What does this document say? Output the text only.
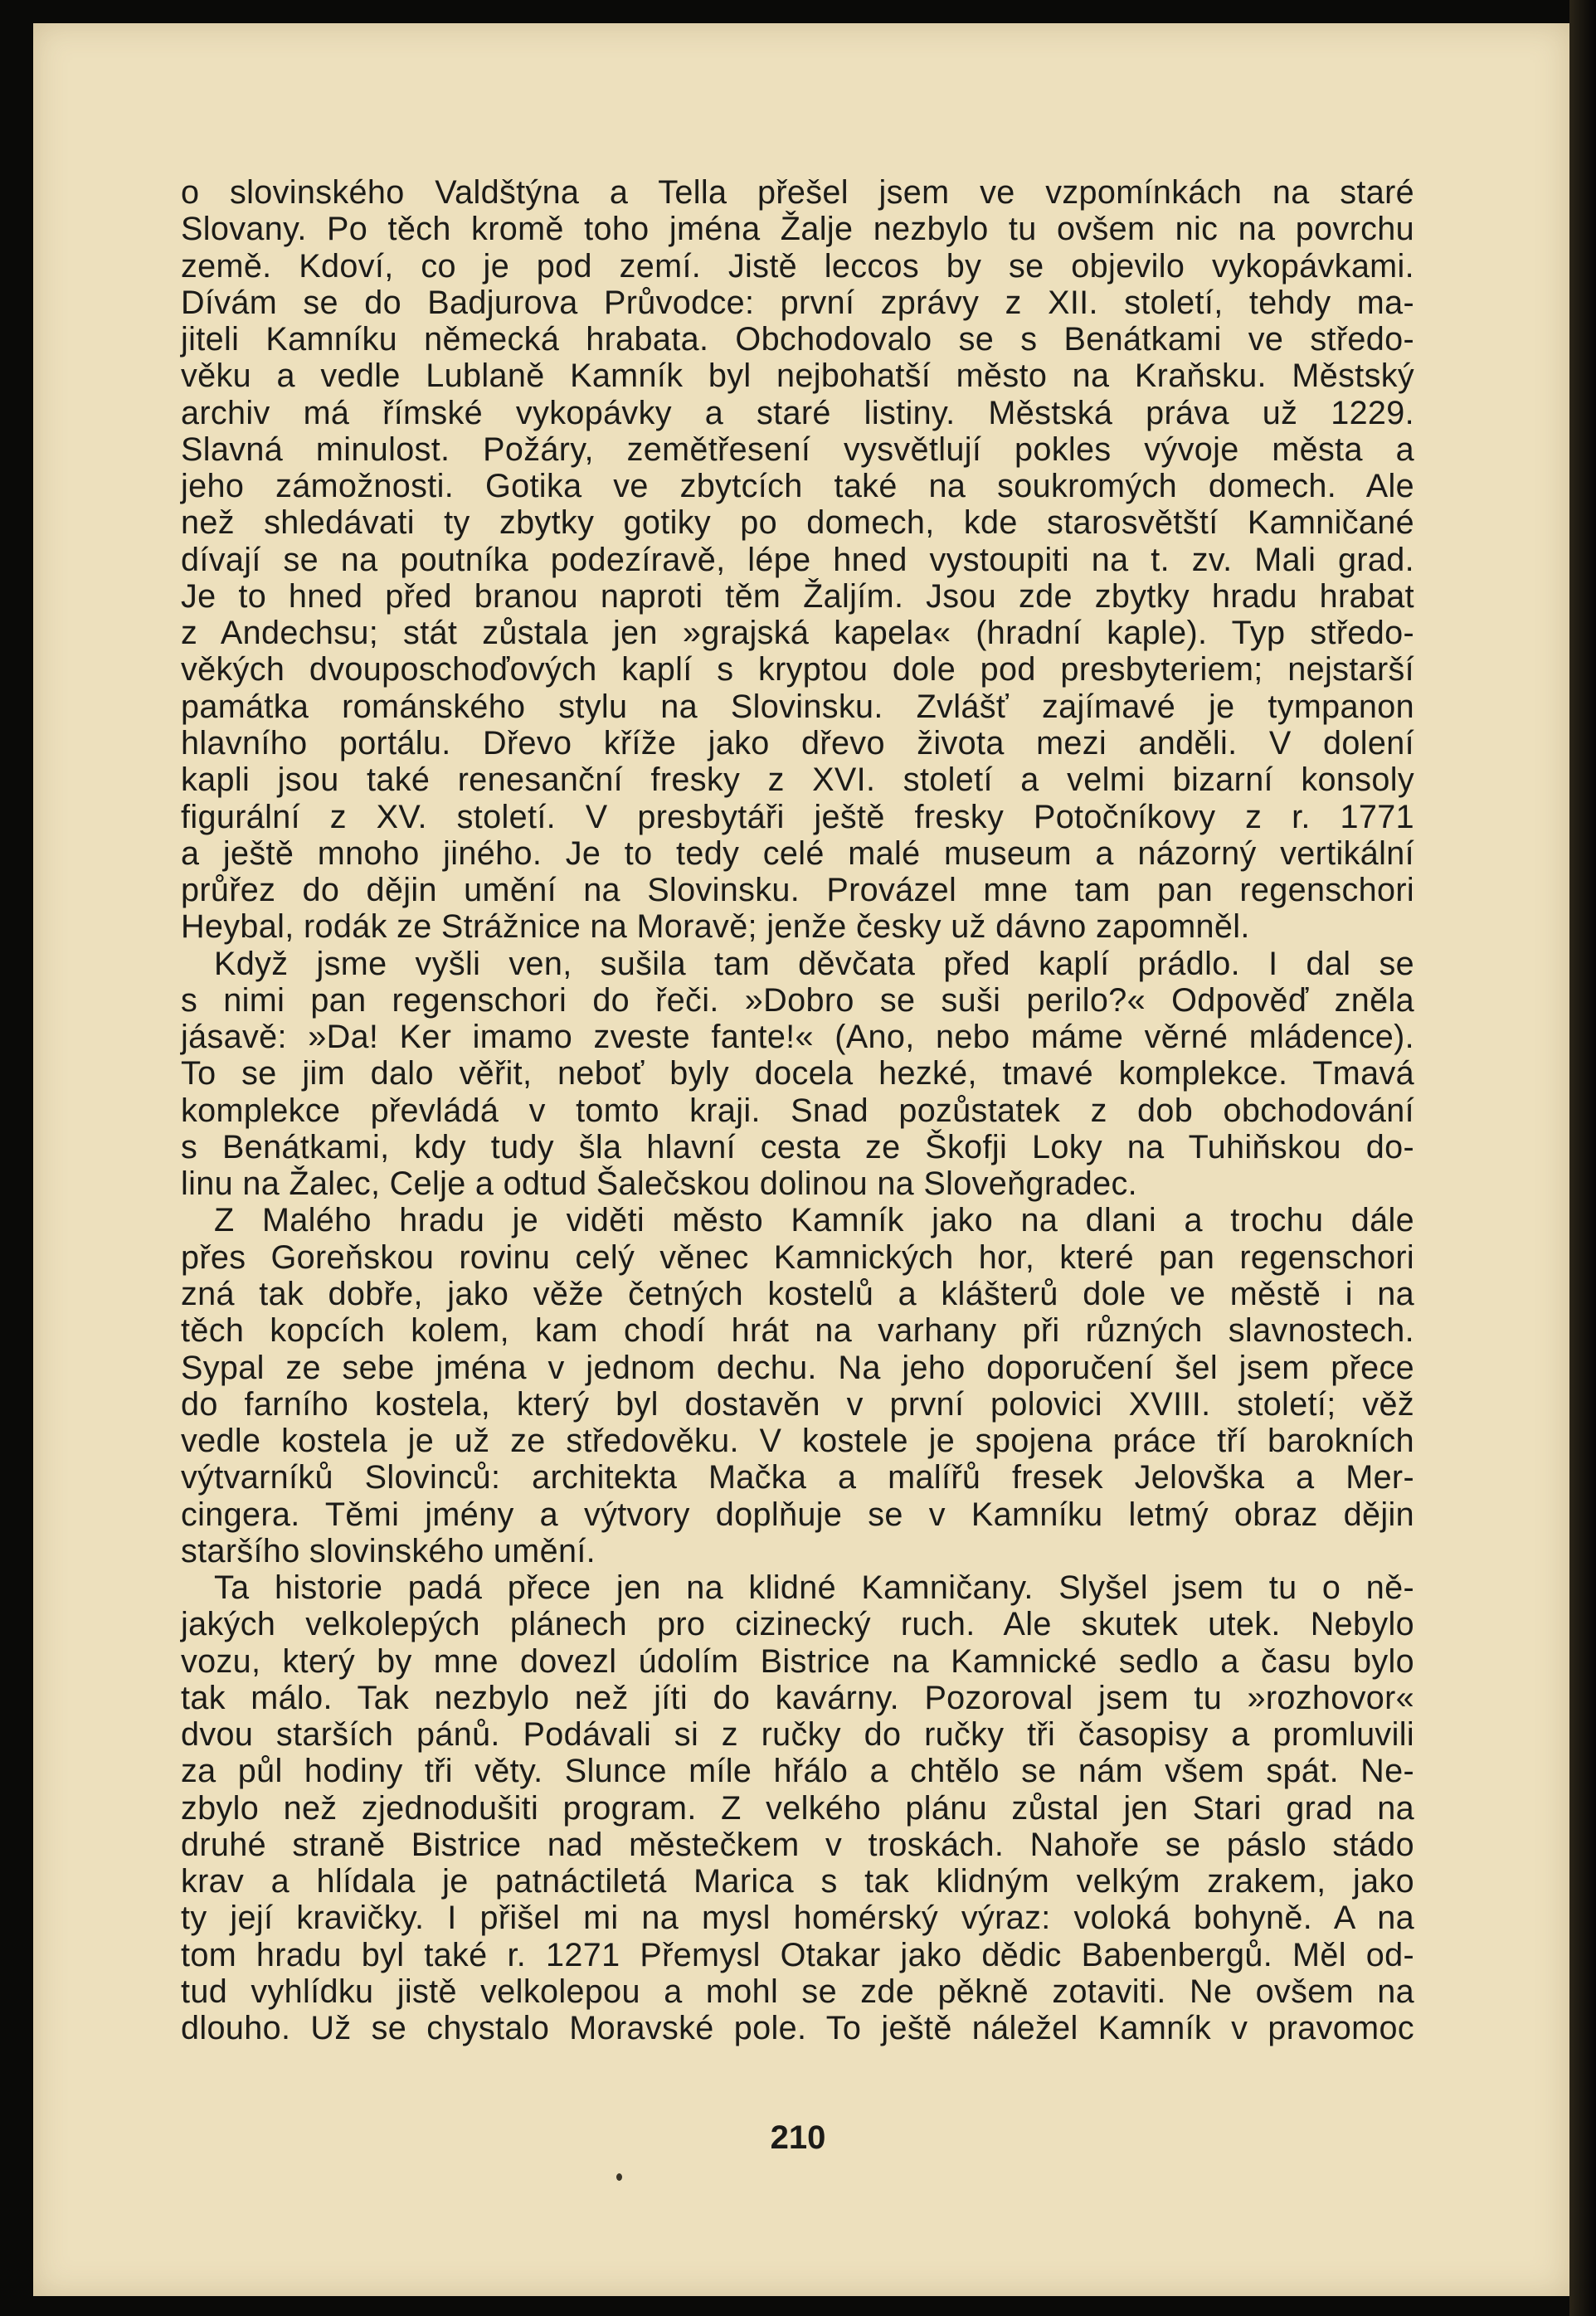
o slovinského Valdštýna a Tella přešel jsem ve vzpomínkách na staré
Slovany. Po těch kromě toho jména Žalje nezbylo tu ovšem nic na povrchu
země. Kdoví, co je pod zemí. Jistě leccos by se objevilo vykopávkami.
Dívám se do Badjurova Průvodce: první zprávy z XII. století, tehdy ma-
jiteli Kamníku německá hrabata. Obchodovalo se s Benátkami ve středo-
věku a vedle Lublaně Kamník byl nejbohatší město na Kraňsku. Městský
archiv má římské vykopávky a staré listiny. Městská práva už 1229.
Slavná minulost. Požáry, zemětřesení vysvětlují pokles vývoje města a
jeho zámožnosti. Gotika ve zbytcích také na soukromých domech. Ale
než shledávati ty zbytky gotiky po domech, kde starosvětští Kamničané
dívají se na poutníka podezíravě, lépe hned vystoupiti na t. zv. Mali grad.
Je to hned před branou naproti těm Žaljím. Jsou zde zbytky hradu hrabat
z Andechsu; stát zůstala jen »grajská kapela« (hradní kaple). Typ středo-
věkých dvouposchoďových kaplí s kryptou dole pod presbyteriem; nejstarší
památka románského stylu na Slovinsku. Zvlášť zajímavé je tympanon
hlavního portálu. Dřevo kříže jako dřevo života mezi anděli. V dolení
kapli jsou také renesanční fresky z XVI. století a velmi bizarní konsoly
figurální z XV. století. V presbytáři ještě fresky Potočníkovy z r. 1771
a ještě mnoho jiného. Je to tedy celé malé museum a názorný vertikální
průřez do dějin umění na Slovinsku. Provázel mne tam pan regenschori
Heybal, rodák ze Strážnice na Moravě; jenže česky už dávno zapomněl.
Když jsme vyšli ven, sušila tam děvčata před kaplí prádlo. I dal se
s nimi pan regenschori do řeči. »Dobro se suši perilo?« Odpověď zněla
jásavě: »Da! Ker imamo zveste fante!« (Ano, nebo máme věrné mládence).
To se jim dalo věřit, neboť byly docela hezké, tmavé komplekce. Tmavá
komplekce převládá v tomto kraji. Snad pozůstatek z dob obchodování
s Benátkami, kdy tudy šla hlavní cesta ze Škofji Loky na Tuhiňskou do-
linu na Žalec, Celje a odtud Šalečskou dolinou na Sloveňgradec.
Z Malého hradu je viděti město Kamník jako na dlani a trochu dále
přes Goreňskou rovinu celý věnec Kamnických hor, které pan regenschori
zná tak dobře, jako věže četných kostelů a klášterů dole ve městě i na
těch kopcích kolem, kam chodí hrát na varhany při různých slavnostech.
Sypal ze sebe jména v jednom dechu. Na jeho doporučení šel jsem přece
do farního kostela, který byl dostavěn v první polovici XVIII. století; věž
vedle kostela je už ze středověku. V kostele je spojena práce tří barokních
výtvarníků Slovinců: architekta Mačka a malířů fresek Jelovška a Mer-
cingera. Těmi jmény a výtvory doplňuje se v Kamníku letmý obraz dějin
staršího slovinského umění.
Ta historie padá přece jen na klidné Kamničany. Slyšel jsem tu o ně-
jakých velkolepých plánech pro cizinecký ruch. Ale skutek utek. Nebylo
vozu, který by mne dovezl údolím Bistrice na Kamnické sedlo a času bylo
tak málo. Tak nezbylo než jíti do kavárny. Pozoroval jsem tu »rozhovor«
dvou starších pánů. Podávali si z ručky do ručky tři časopisy a promluvili
za půl hodiny tři věty. Slunce míle hřálo a chtělo se nám všem spát. Ne-
zbylo než zjednodušiti program. Z velkého plánu zůstal jen Stari grad na
druhé straně Bistrice nad městečkem v troskách. Nahoře se páslo stádo
krav a hlídala je patnáctiletá Marica s tak klidným velkým zrakem, jako
ty její kravičky. I přišel mi na mysl homérský výraz: voloká bohyně. A na
tom hradu byl také r. 1271 Přemysl Otakar jako dědic Babenbergů. Měl od-
tud vyhlídku jistě velkolepou a mohl se zde pěkně zotaviti. Ne ovšem na
dlouho. Už se chystalo Moravské pole. To ještě náležel Kamník v pravomoc
210
